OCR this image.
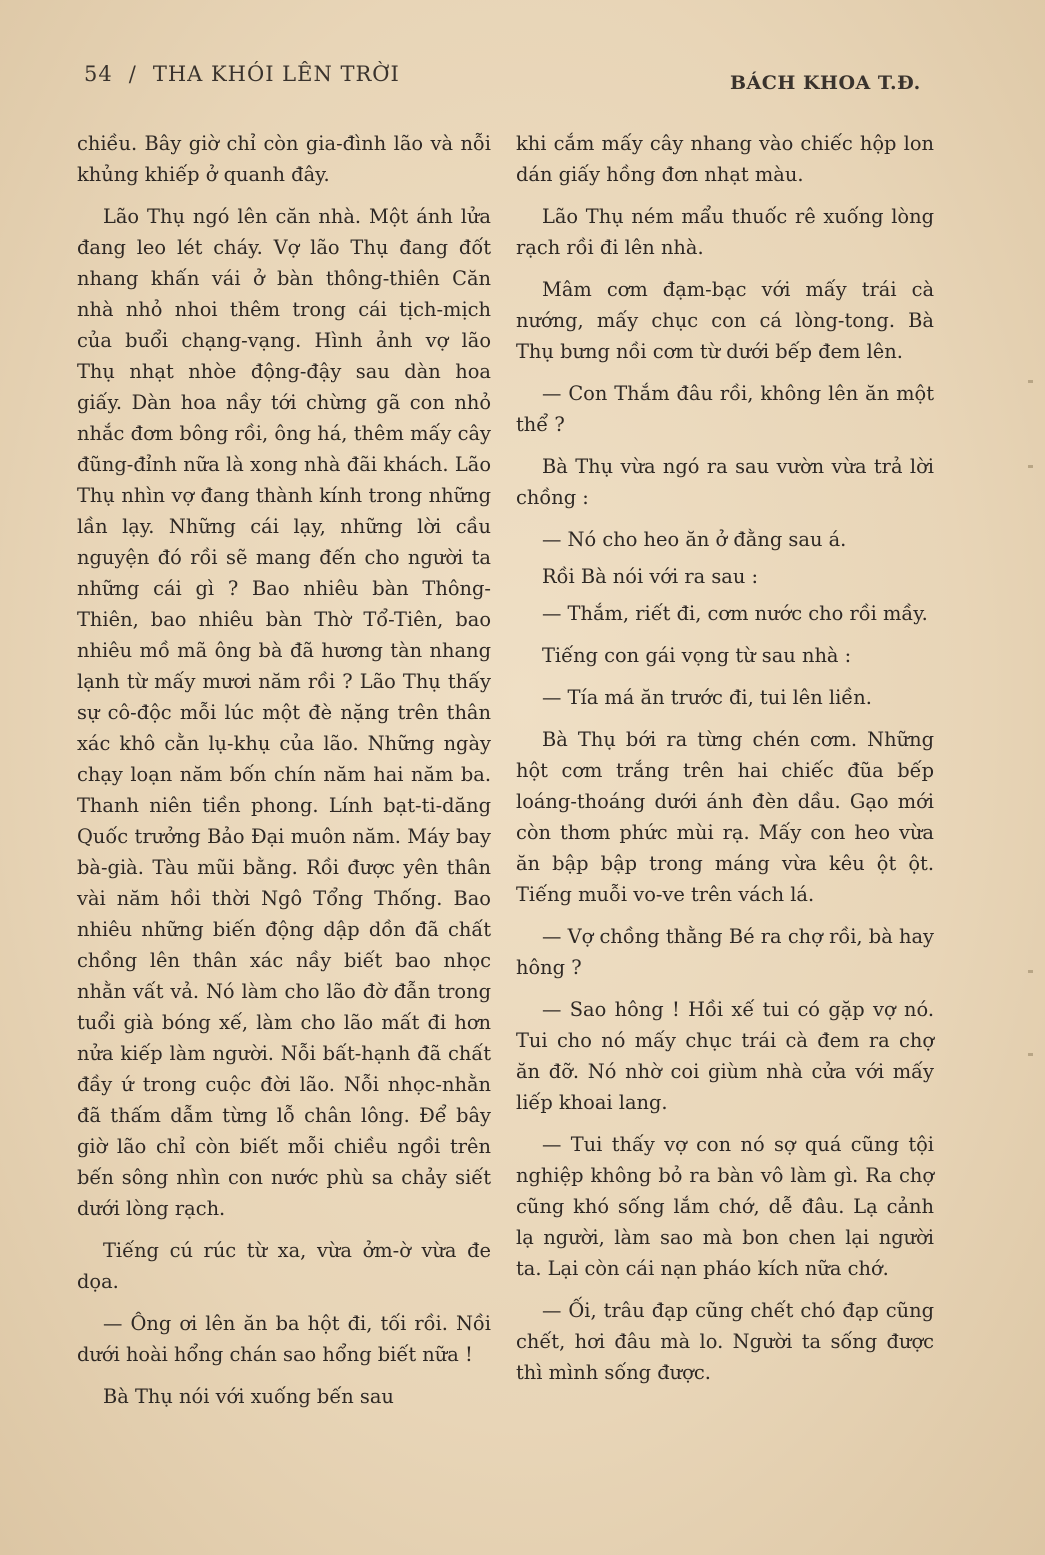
54 / THA KHÓI LÊN TRỜI	BÁCH KHOA T.Đ.

chiều. Bây giờ chỉ còn gia-đình lão và nỗi khủng khiếp ở quanh đây.

Lão Thụ ngó lên căn nhà. Một ánh lửa đang leo lét cháy. Vợ lão Thụ đang đốt nhang khấn vái ở bàn thông-thiên Căn nhà nhỏ nhoi thêm trong cái tịch-mịch của buổi chạng-vạng. Hình ảnh vợ lão Thụ nhạt nhòe động-đậy sau dàn hoa giấy. Dàn hoa nầy tới chừng gã con nhỏ nhắc đơm bông rồi, ông há, thêm mấy cây đũng-đỉnh nữa là xong nhà đãi khách. Lão Thụ nhìn vợ đang thành kính trong những lần lạy. Những cái lạy, những lời cầu nguyện đó rồi sẽ mang đến cho người ta những cái gì ? Bao nhiêu bàn Thông-Thiên, bao nhiêu bàn Thờ Tổ-Tiên, bao nhiêu mồ mã ông bà đã hương tàn nhang lạnh từ mấy mươi năm rồi ? Lão Thụ thấy sự cô-độc mỗi lúc một đè nặng trên thân xác khô cằn lụ-khụ của lão. Những ngày chạy loạn năm bốn chín năm hai năm ba. Thanh niên tiền phong. Lính bạt-ti-dăng Quốc trưởng Bảo Đại muôn năm. Máy bay bà-già. Tàu mũi bằng. Rồi được yên thân vài năm hồi thời Ngô Tổng Thống. Bao nhiêu những biến động dập dồn đã chất chồng lên thân xác nầy biết bao nhọc nhằn vất vả. Nó làm cho lão đờ đẫn trong tuổi già bóng xế, làm cho lão mất đi hơn nửa kiếp làm người. Nỗi bất-hạnh đã chất đầy ứ trong cuộc đời lão. Nỗi nhọc-nhằn đã thấm dẫm từng lỗ chân lông. Để bây giờ lão chỉ còn biết mỗi chiều ngồi trên bến sông nhìn con nước phù sa chảy siết dưới lòng rạch.

Tiếng cú rúc từ xa, vừa ởm-ờ vừa đe dọa.

— Ông ơi lên ăn ba hột đi, tối rồi. Nồi dưới hoài hổng chán sao hổng biết nữa !

Bà Thụ nói với xuống bến sau

khi cắm mấy cây nhang vào chiếc hộp lon dán giấy hồng đơn nhạt màu.

Lão Thụ ném mẩu thuốc rê xuống lòng rạch rồi đi lên nhà.

Mâm cơm đạm-bạc với mấy trái cà nướng, mấy chục con cá lòng-tong. Bà Thụ bưng nồi cơm từ dưới bếp đem lên.

— Con Thắm đâu rồi, không lên ăn một thể ?

Bà Thụ vừa ngó ra sau vườn vừa trả lời chồng :

— Nó cho heo ăn ở đằng sau á.

Rồi Bà nói với ra sau :

— Thắm, riết đi, cơm nước cho rồi mầy.

Tiếng con gái vọng từ sau nhà :

— Tía má ăn trước đi, tui lên liền.

Bà Thụ bới ra từng chén cơm. Những hột cơm trắng trên hai chiếc đũa bếp loáng-thoáng dưới ánh đèn dầu. Gạo mới còn thơm phức mùi rạ. Mấy con heo vừa ăn bập bập trong máng vừa kêu ột ột. Tiếng muỗi vo-ve trên vách lá.

— Vợ chồng thằng Bé ra chợ rồi, bà hay hông ?

— Sao hông ! Hồi xế tui có gặp vợ nó. Tui cho nó mấy chục trái cà đem ra chợ ăn đỡ. Nó nhờ coi giùm nhà cửa với mấy liếp khoai lang.

— Tui thấy vợ con nó sợ quá cũng tội nghiệp không bỏ ra bàn vô làm gì. Ra chợ cũng khó sống lắm chớ, dễ đâu. Lạ cảnh lạ người, làm sao mà bon chen lại người ta. Lại còn cái nạn pháo kích nữa chớ.

— Ối, trâu đạp cũng chết chó đạp cũng chết, hơi đâu mà lo. Người ta sống được thì mình sống được.
